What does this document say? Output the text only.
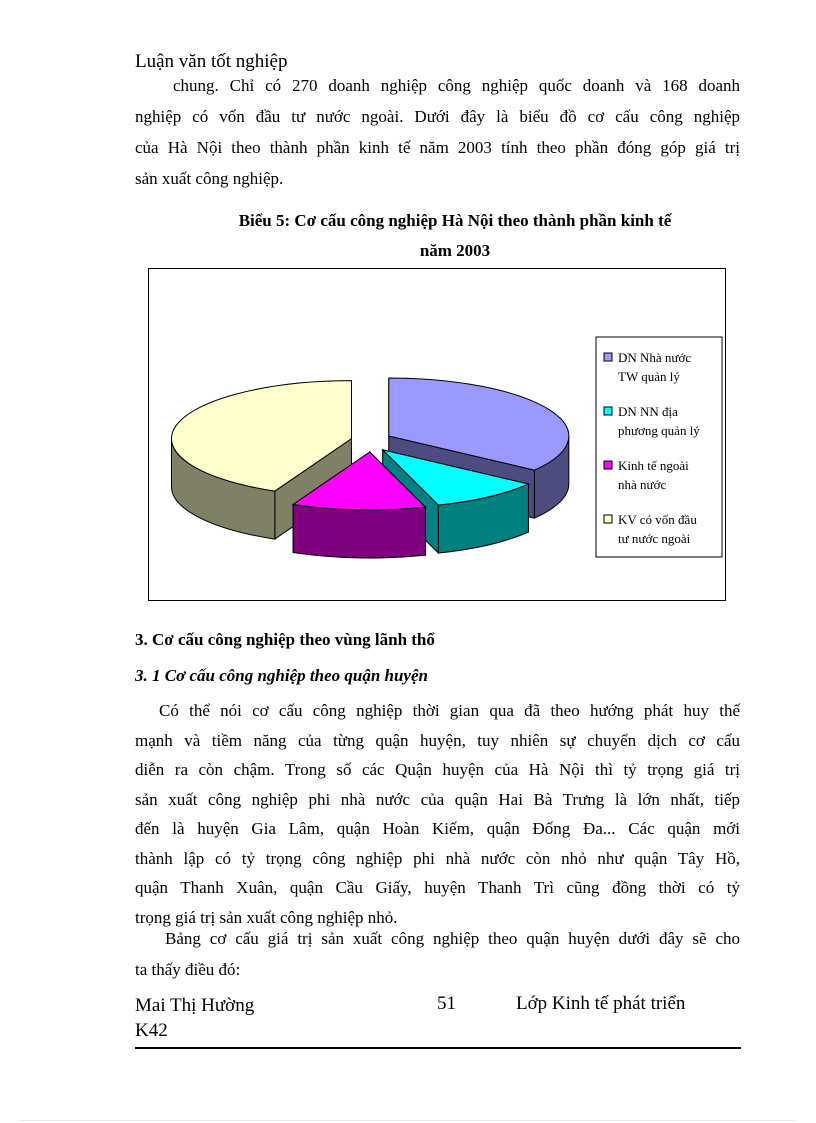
Luận văn tốt nghiệp
chung. Chỉ có 270 doanh nghiệp công nghiệp quốc doanh và 168 doanh
nghiệp có vốn đầu tư nước ngoài. Dưới đây là biểu đồ cơ cấu công nghiệp
của Hà Nội theo thành phần kinh tế năm 2003 tính theo phần đóng góp giá trị
sản xuất công nghiệp.
Biểu 5: Cơ cấu công nghiệp Hà Nội theo thành phần kinh tế
năm 2003
DN Nhà nước
TW quản lý
DN NN địa
phương quản lý
Kinh tế ngoài
nhà nước
KV có vốn đầu
tư nước ngoài
3. Cơ cấu công nghiệp theo vùng lãnh thổ
3. 1 Cơ cấu công nghiệp theo quận huyện
Có thể nói cơ cấu công nghiệp thời gian qua đã theo hướng phát huy thế
mạnh và tiềm năng của từng quận huyện, tuy nhiên sự chuyển dịch cơ cấu
diễn ra còn chậm. Trong số các Quận huyện của Hà Nội thì tỷ trọng giá trị
sản xuất công nghiệp phi nhà nước của quận Hai Bà Trưng là lớn nhất, tiếp
đến là huyện Gia Lâm, quận Hoàn Kiếm, quận Đống Đa... Các quận mới
thành lập có tỷ trọng công nghiệp phi nhà nước còn nhỏ như quận Tây Hồ,
quận Thanh Xuân, quận Cầu Giấy, huyện Thanh Trì cũng đồng thời có tỷ
trọng giá trị sản xuất công nghiệp nhỏ.
Bảng cơ cấu giá trị sản xuất công nghiệp theo quận huyện dưới đây sẽ cho
ta thấy điều đó:
Mai Thị Hường
K42
51	Lớp Kinh tế phát triển
